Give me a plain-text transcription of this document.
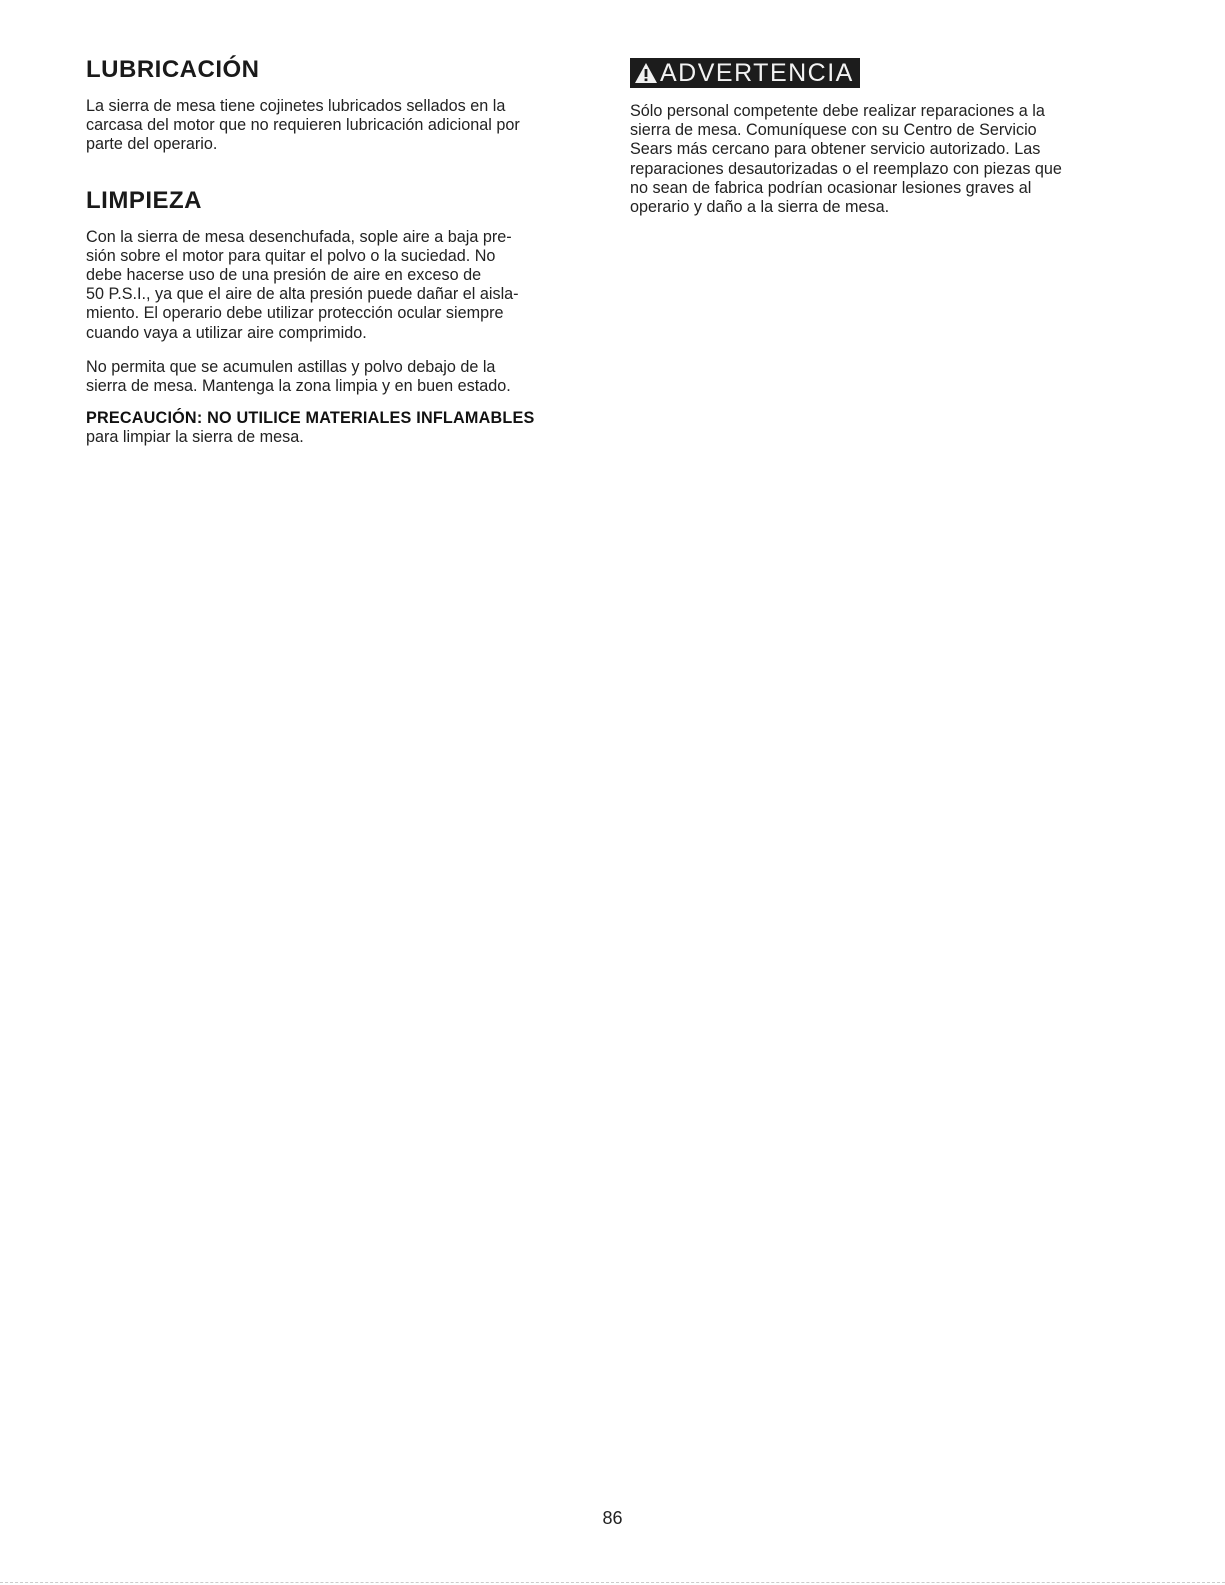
LUBRICACIÓN

La sierra de mesa tiene cojinetes lubricados sellados en la
carcasa del motor que no requieren lubricación adicional por
parte del operario.

LIMPIEZA

Con la sierra de mesa desenchufada, sople aire a baja pre-
sión sobre el motor para quitar el polvo o la suciedad. No
debe hacerse uso de una presión de aire en exceso de
50 P.S.I., ya que el aire de alta presión puede dañar el aisla-
miento. El operario debe utilizar protección ocular siempre
cuando vaya a utilizar aire comprimido.

No permita que se acumulen astillas y polvo debajo de la
sierra de mesa. Mantenga la zona limpia y en buen estado.

PRECAUCIÓN: NO UTILICE MATERIALES INFLAMABLES
para limpiar la sierra de mesa.

ADVERTENCIA

Sólo personal competente debe realizar reparaciones a la
sierra de mesa. Comuníquese con su Centro de Servicio
Sears más cercano para obtener servicio autorizado. Las
reparaciones desautorizadas o el reemplazo con piezas que
no sean de fabrica podrían ocasionar lesiones graves al
operario y daño a la sierra de mesa.

86
